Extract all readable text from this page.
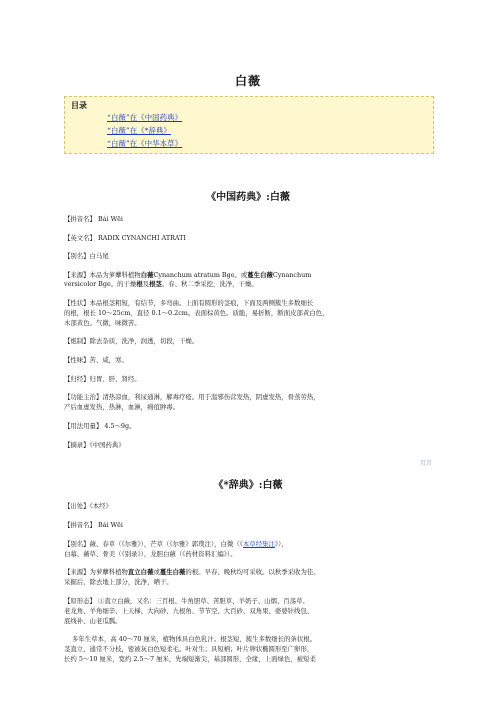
白薇
目录
“白薇”在《中国药典》
“白薇”在《*辞典》
“白薇”在《中华本草》
《中国药典》:白薇
【拼音名】 Bái Wēi
【英文名】 RADIX CYNANCHI ATRATI
【别名】白马尾
【来源】本品为萝藦科植物白薇Cynanchum atratum Bge。或蔓生白薇Cynanchum
versicolor Bge。的干燥根及根茎。春、秋二季采挖，洗净，干燥。
【性状】本品根茎粗短，有结节，多弯曲。上面有圆形的茎痕，下面及两侧簇生多数细长
的根，根长 10～25cm，直径 0.1～0.2cm。表面棕黄色。质脆，易折断，断面皮部黄白色，
木部黄色。气微，味微苦。
【炮制】除去杂质，洗净，润透，切段，干燥。
【性味】苦、咸，寒。
【归经】归胃、肝、肾经。
【功能主治】清热凉血，利尿通淋，解毒疗疮。用于温邪伤营发热，阴虚发热，骨蒸劳热，
产后血虚发热，热淋，血淋，痈疽肿毒。
【用法用量】 4.5～9g。
【摘录】《中国药典》
页首
《*辞典》:白薇
【出处】《本经》
【拼音名】 Bái Wēi
【别名】薇、春草（《尔雅》），芒草（《尔雅》郭璞注），白微（《本草经集注》），
白幕、薇草、骨美（《别录》），龙胆白薇（《药材资料汇编》）。
【来源】为萝藦科植物直立白薇或蔓生白薇的根。早春、晚秋均可采收。以秋季采收为佳。
采掘后，除去地上部分，洗净，晒干。
【原形态】 ①直立白薇，又名：三百根、牛角胆草、苦胆草、羊奶子、山烟、百荡草、
老龙角、羊角细辛、上天梯、大向砂、九根角、节节空、大百砂、双角果、婆婆针线包、
底线补、山老瓜瓢。
多年生草本，高 40～70 厘米，植物体具白色乳汁。根茎短，簇生多数细长的条状根。
茎直立，通常不分枝，密被灰白色短柔毛。叶对生；具短柄；叶片卵状椭圆形至广卵形，
长约 5～10 厘米，宽约 2.5～7 厘米，先端短渐尖，基部圆形，全缘，上面绿色，被短柔
